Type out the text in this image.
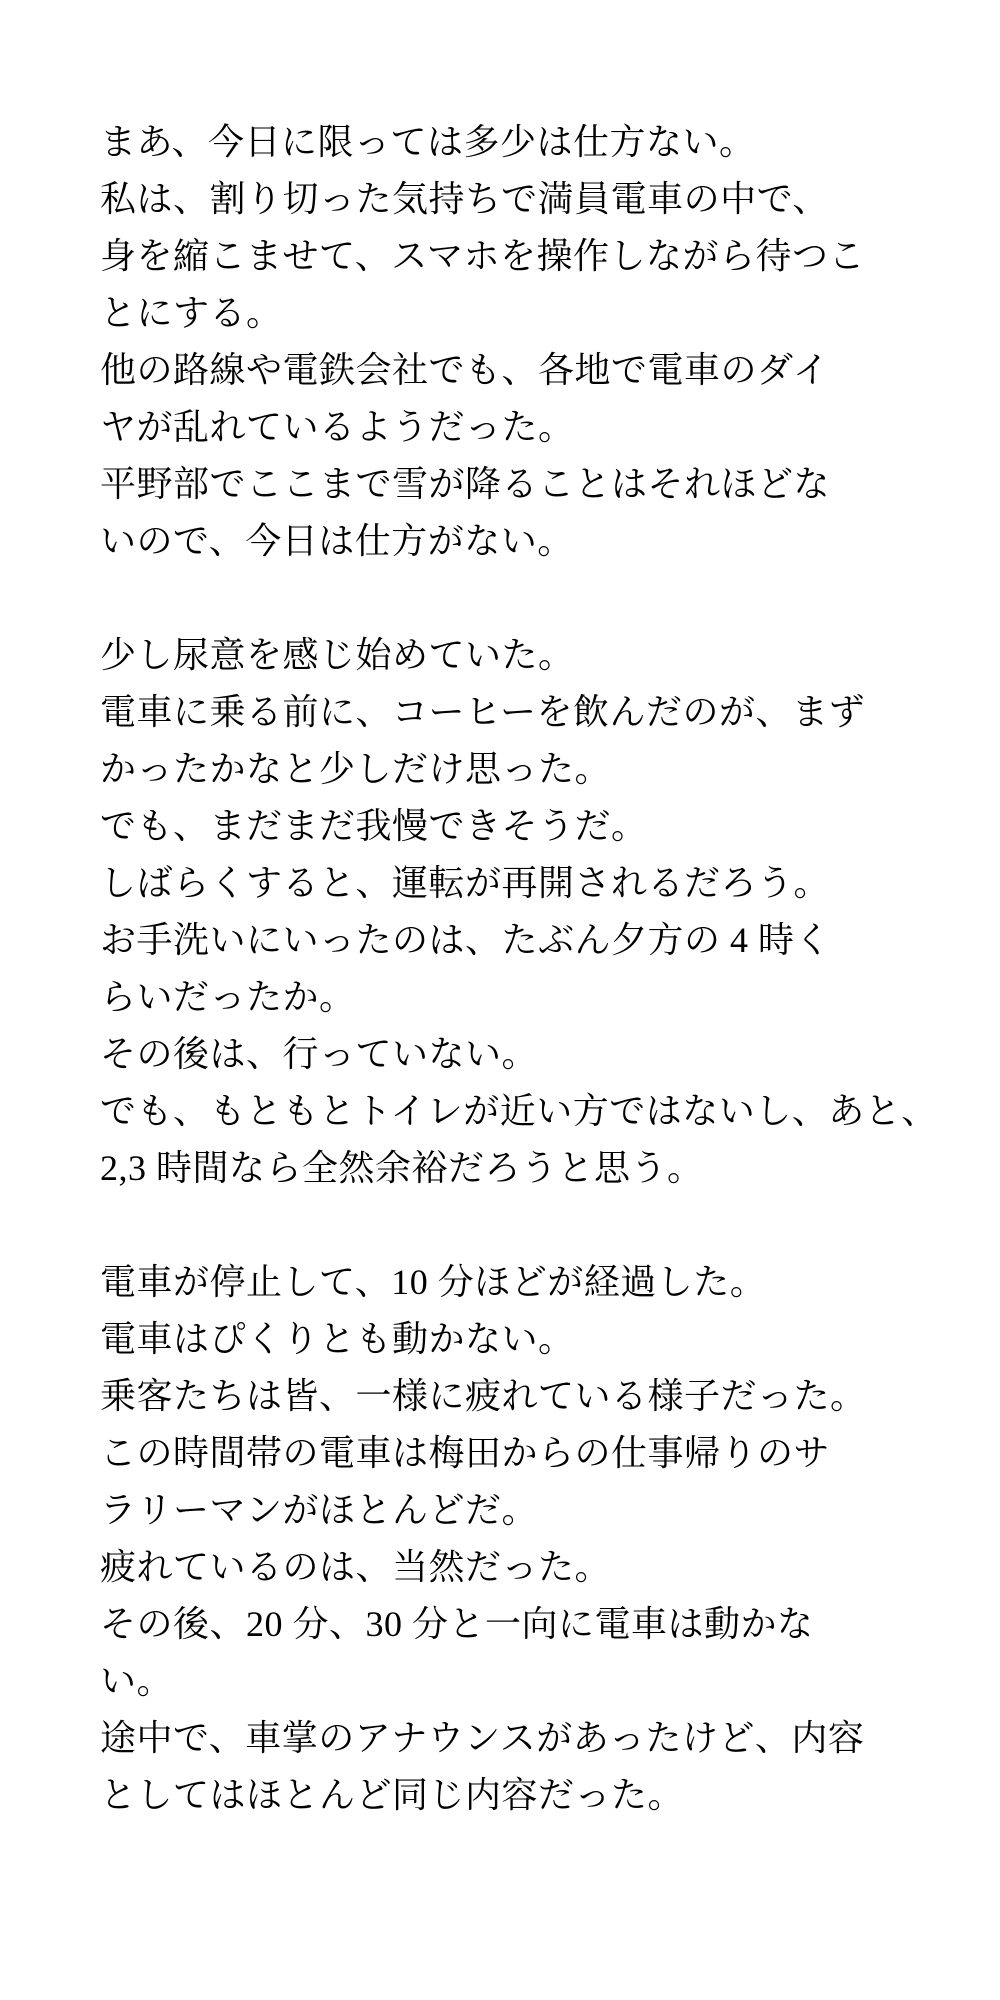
まあ、今日に限っては多少は仕方ない。
私は、割り切った気持ちで満員電車の中で、
身を縮こませて、スマホを操作しながら待つこ
とにする。
他の路線や電鉄会社でも、各地で電車のダイ
ヤが乱れているようだった。
平野部でここまで雪が降ることはそれほどな
いので、今日は仕方がない。
少し尿意を感じ始めていた。
電車に乗る前に、コーヒーを飲んだのが、まず
かったかなと少しだけ思った。
でも、まだまだ我慢できそうだ。
しばらくすると、運転が再開されるだろう。
お手洗いにいったのは、たぶん夕方の 4 時く
らいだったか。
その後は、行っていない。
でも、もともとトイレが近い方ではないし、あと、
2,3 時間なら全然余裕だろうと思う。
電車が停止して、10 分ほどが経過した。
電車はぴくりとも動かない。
乗客たちは皆、一様に疲れている様子だった。
この時間帯の電車は梅田からの仕事帰りのサ
ラリーマンがほとんどだ。
疲れているのは、当然だった。
その後、20 分、30 分と一向に電車は動かな
い。
途中で、車掌のアナウンスがあったけど、内容
としてはほとんど同じ内容だった。
